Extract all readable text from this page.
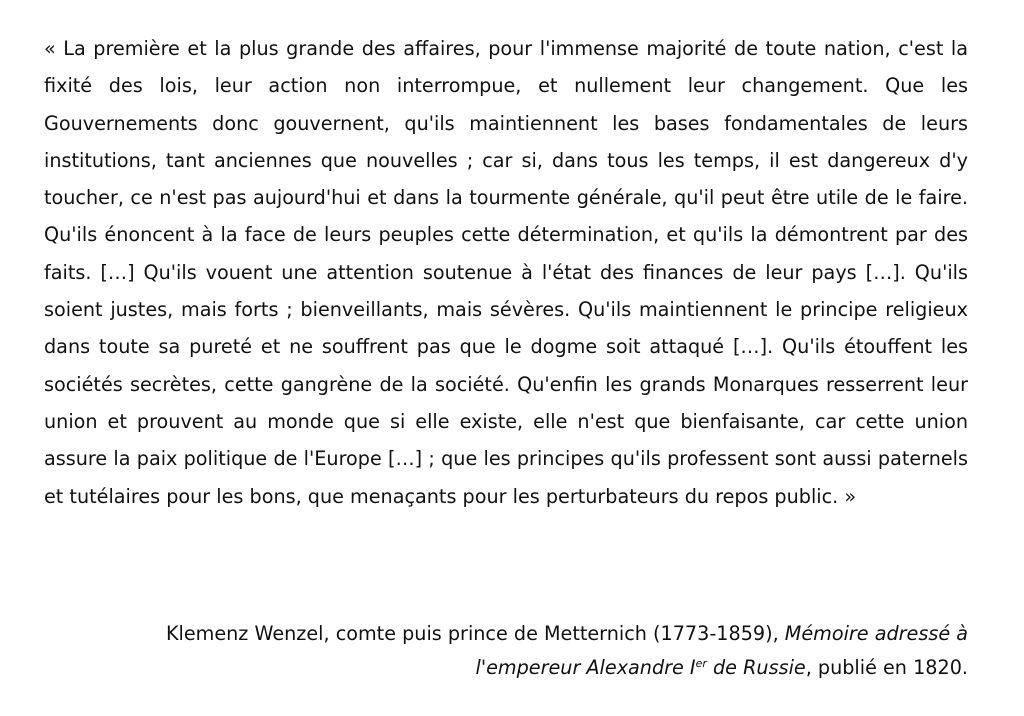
« La première et la plus grande des affaires, pour l'immense majorité de toute nation, c'est la fixité des lois, leur action non interrompue, et nullement leur changement. Que les Gouvernements donc gouvernent, qu'ils maintiennent les bases fondamentales de leurs institutions, tant anciennes que nouvelles ; car si, dans tous les temps, il est dangereux d'y toucher, ce n'est pas aujourd'hui et dans la tourmente générale, qu'il peut être utile de le faire. Qu'ils énoncent à la face de leurs peuples cette détermination, et qu'ils la démontrent par des faits. […] Qu'ils vouent une attention soutenue à l'état des finances de leur pays […]. Qu'ils soient justes, mais forts ; bienveillants, mais sévères. Qu'ils maintiennent le principe religieux dans toute sa pureté et ne souffrent pas que le dogme soit attaqué […]. Qu'ils étouffent les sociétés secrètes, cette gangrène de la société. Qu'enfin les grands Monarques resserrent leur union et prouvent au monde que si elle existe, elle n'est que bienfaisante, car cette union assure la paix politique de l'Europe […] ; que les principes qu'ils professent sont aussi paternels et tutélaires pour les bons, que menaçants pour les perturbateurs du repos public. »

Klemenz Wenzel, comte puis prince de Metternich (1773-1859), Mémoire adressé à l'empereur Alexandre Ier de Russie, publié en 1820.
